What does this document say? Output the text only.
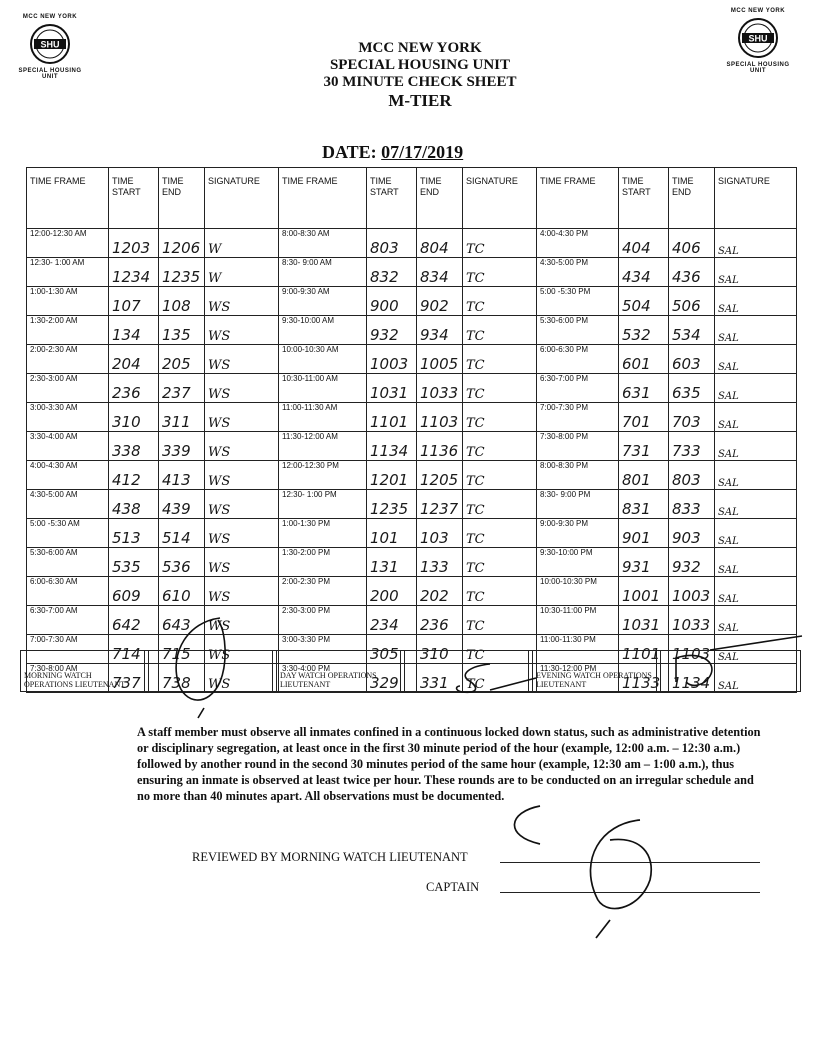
MCC NEW YORK
SHU
SPECIAL HOUSING UNIT
MCC NEW YORK
SHU
SPECIAL HOUSING UNIT
MCC NEW YORK
SPECIAL HOUSING UNIT
30 MINUTE CHECK SHEET
M-TIER
DATE: 07/17/2019
TIME FRAME	TIME START	TIME END	SIGNATURE	TIME FRAME	TIME START	TIME END	SIGNATURE	TIME FRAME	TIME START	TIME END	SIGNATURE
12:00-12:30 AM	1203	1206	W	8:00-8:30 AM	803	804	TC	4:00-4:30 PM	404	406	SAL
12:30- 1:00 AM	1234	1235	W	8:30- 9:00 AM	832	834	TC	4:30-5:00 PM	434	436	SAL
1:00-1:30 AM	107	108	WS	9:00-9:30 AM	900	902	TC	5:00 -5:30 PM	504	506	SAL
1:30-2:00 AM	134	135	WS	9:30-10:00 AM	932	934	TC	5:30-6:00 PM	532	534	SAL
2:00-2:30 AM	204	205	WS	10:00-10:30 AM	1003	1005	TC	6:00-6:30 PM	601	603	SAL
2:30-3:00 AM	236	237	WS	10:30-11:00 AM	1031	1033	TC	6:30-7:00 PM	631	635	SAL
3:00-3:30 AM	310	311	WS	11:00-11:30 AM	1101	1103	TC	7:00-7:30 PM	701	703	SAL
3:30-4:00 AM	338	339	WS	11:30-12:00 AM	1134	1136	TC	7:30-8:00 PM	731	733	SAL
4:00-4:30 AM	412	413	WS	12:00-12:30 PM	1201	1205	TC	8:00-8:30 PM	801	803	SAL
4:30-5:00 AM	438	439	WS	12:30- 1:00 PM	1235	1237	TC	8:30- 9:00 PM	831	833	SAL
5:00 -5:30 AM	513	514	WS	1:00-1:30 PM	101	103	TC	9:00-9:30 PM	901	903	SAL
5:30-6:00 AM	535	536	WS	1:30-2:00 PM	131	133	TC	9:30-10:00 PM	931	932	SAL
6:00-6:30 AM	609	610	WS	2:00-2:30 PM	200	202	TC	10:00-10:30 PM	1001	1003	SAL
6:30-7:00 AM	642	643	WS	2:30-3:00 PM	234	236	TC	10:30-11:00 PM	1031	1033	SAL
7:00-7:30 AM	714	715	WS	3:00-3:30 PM	305	310	TC	11:00-11:30 PM	1101	1103	SAL
7:30-8:00 AM	737	738	WS	3:30-4:00 PM	329	331	TC	11:30-12:00 PM	1133	1134	SAL
MORNING WATCH OPERATIONS LIEUTENANT				DAY WATCH OPERATIONS LIEUTENANT				EVENING WATCH OPERATIONS LIEUTENANT		
A staff member must observe all inmates confined in a continuous locked down status, such as administrative detention or disciplinary segregation, at least once in the first 30 minute period of the hour (example, 12:00 a.m. – 12:30 a.m.) followed by another round in the second 30 minutes period of the same hour (example, 12:30 am – 1:00 a.m.), thus ensuring an inmate is observed at least twice per hour. These rounds are to be conducted on an irregular schedule and no more than 40 minutes apart. All observations must be documented.
REVIEWED BY MORNING WATCH LIEUTENANT
CAPTAIN
